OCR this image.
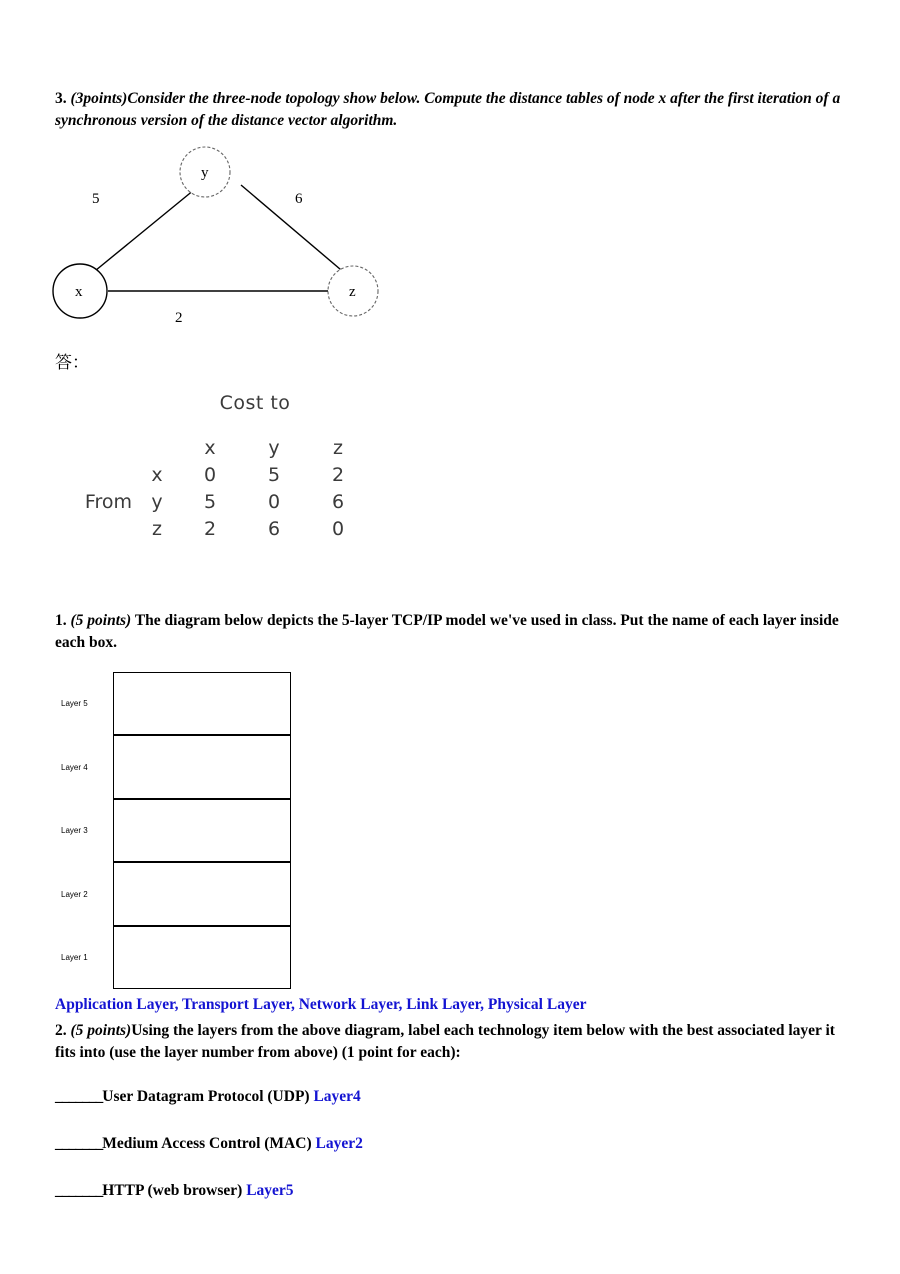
3. (3points)Consider the three-node topology show below. Compute the distance tables of node x after the first iteration of a synchronous version of the distance vector algorithm.
x
y
z
5	6
2
答：
Cost to
x	y	z
x	0	5	2
From	y	5	0	6
z	2	6	0
1. (5 points) The diagram below depicts the 5-layer TCP/IP model we've used in class. Put the name of each layer inside each box.
Layer 5
Layer 4
Layer 3
Layer 2
Layer 1
Application Layer, Transport Layer, Network Layer, Link Layer, Physical Layer
2. (5 points)Using the layers from the above diagram, label each technology item below with the best associated layer it fits into (use the layer number from above) (1 point for each):
_______User Datagram Protocol (UDP) Layer4
_______Medium Access Control (MAC) Layer2
_______HTTP (web browser) Layer5
